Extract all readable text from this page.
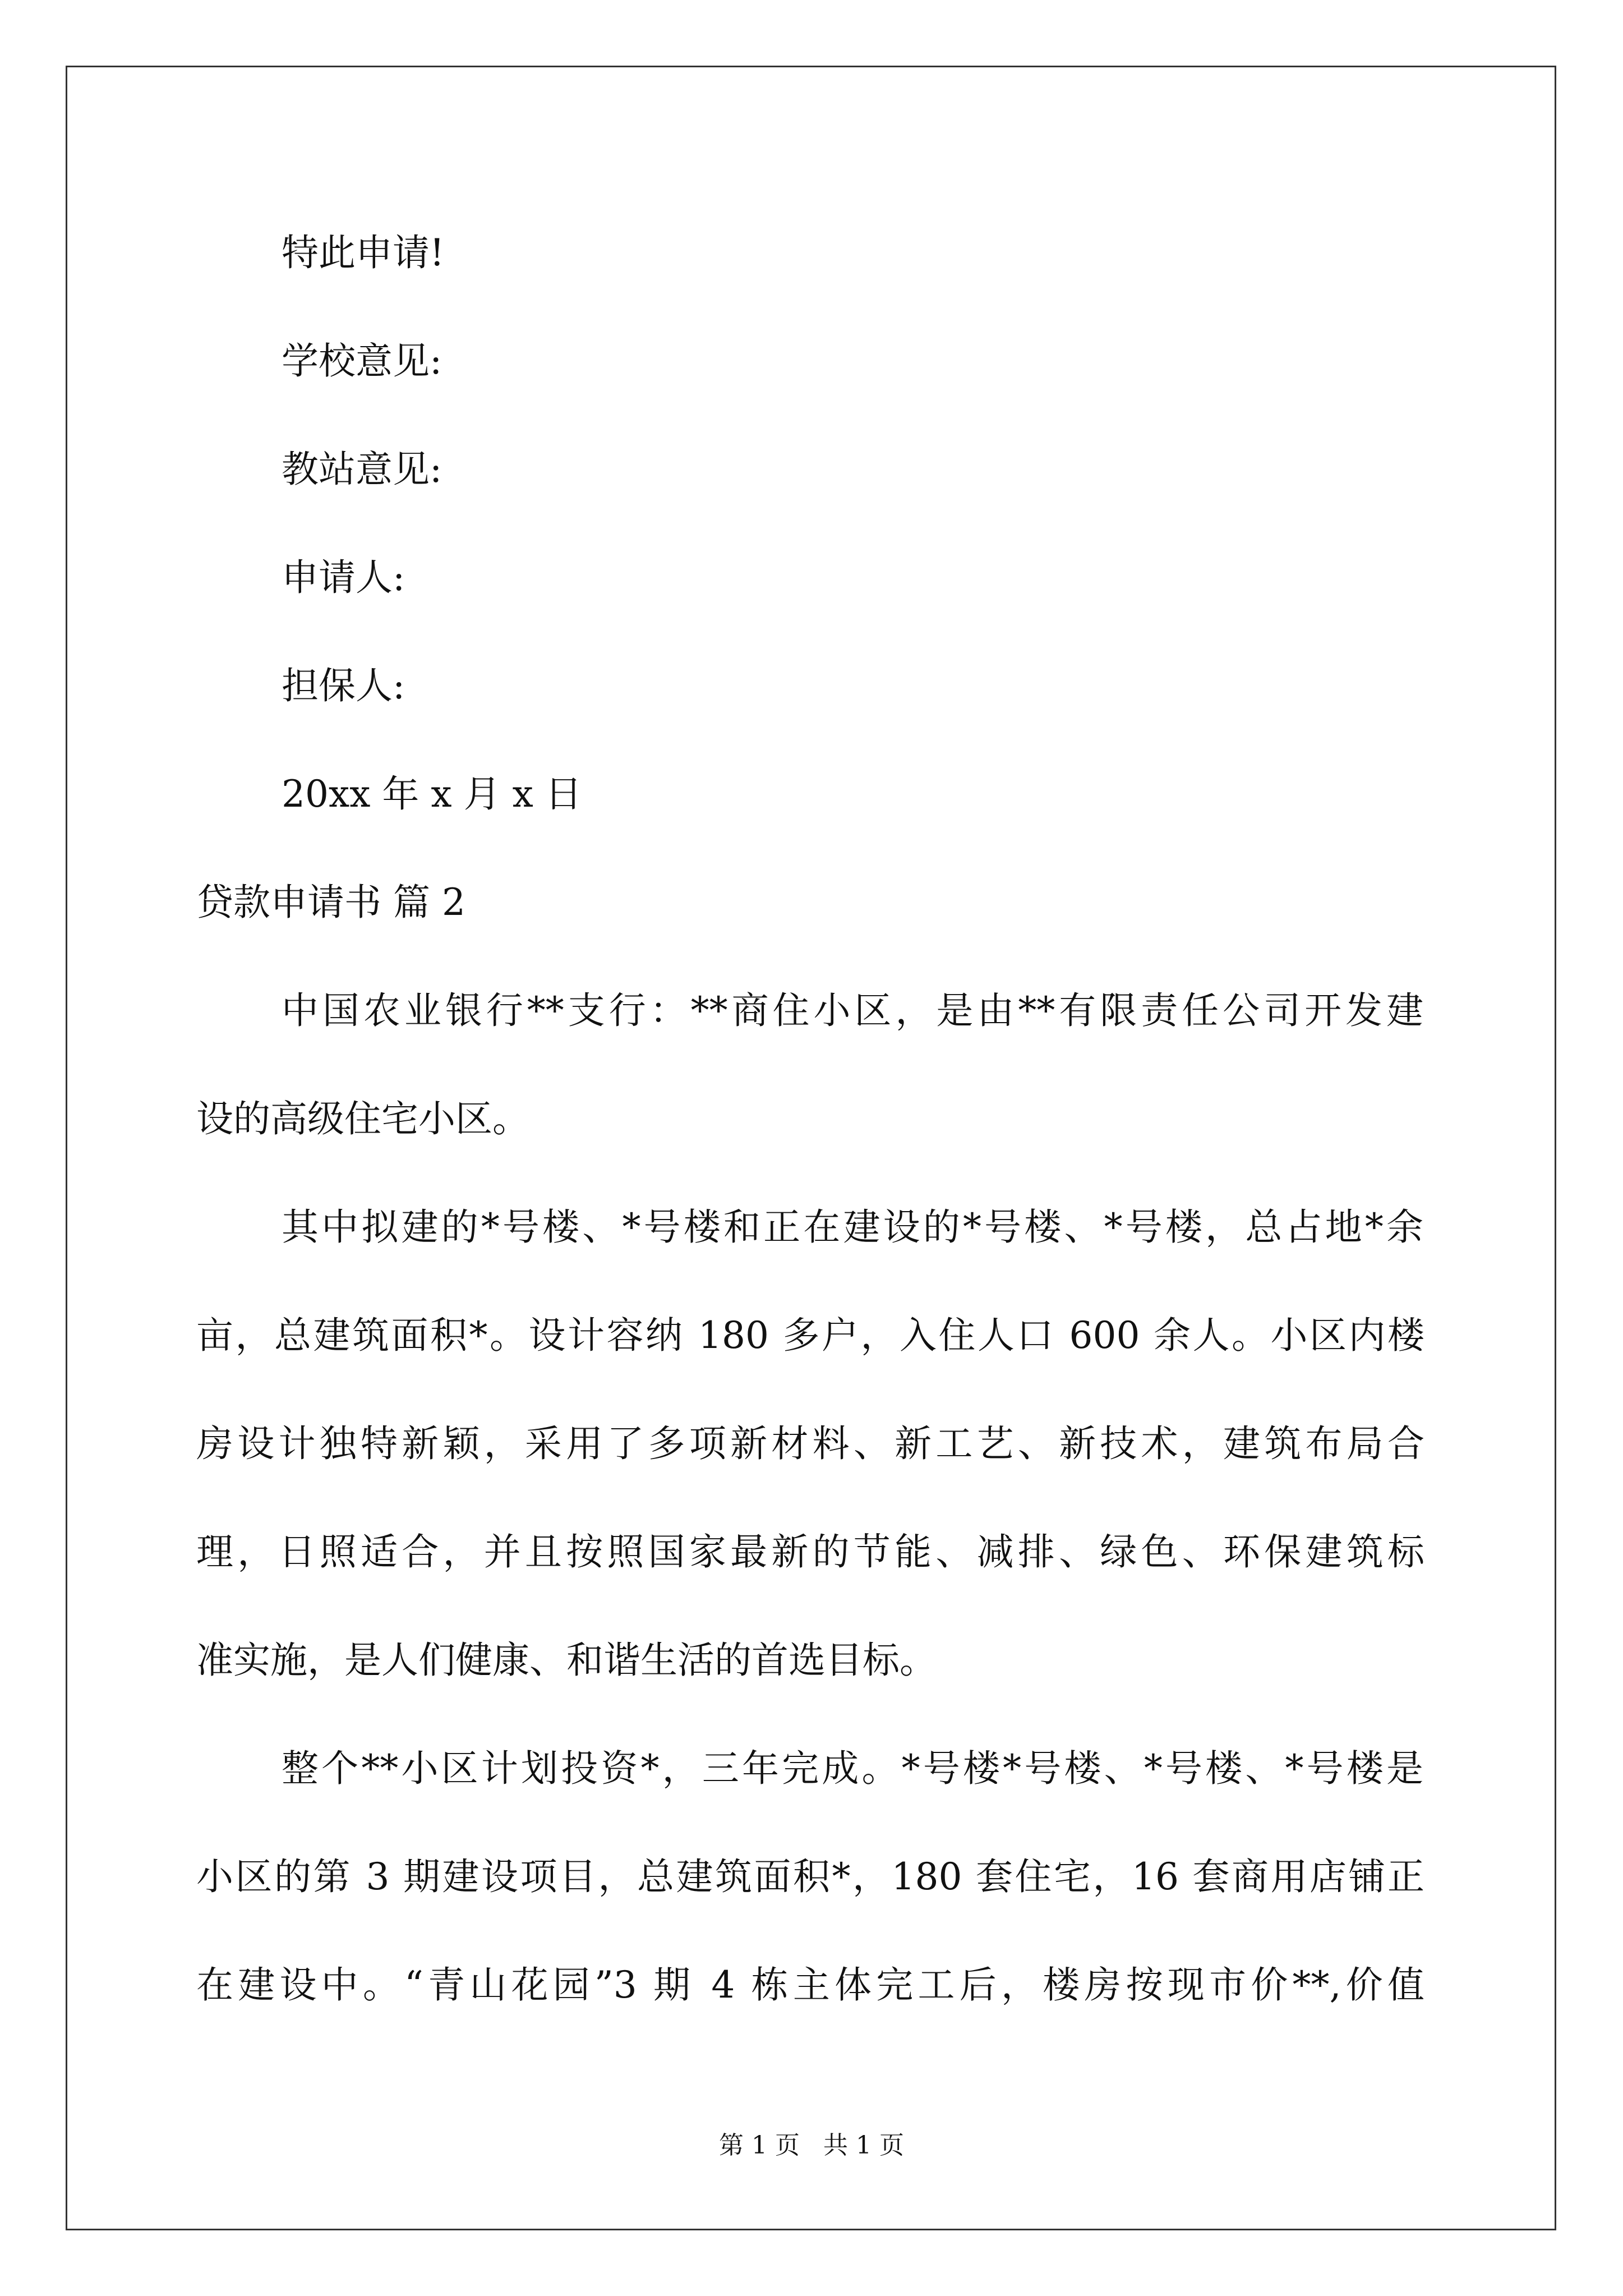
特此申请!
学校意见:
教站意见:
申请人:
担保人:
20xx 年 x 月 x 日
贷款申请书 篇 2
中国农业银行**支行：**商住小区，是由**有限责任公司开发建
设的高级住宅小区。
其中拟建的*号楼、*号楼和正在建设的*号楼、*号楼，总占地*余
亩，总建筑面积*。设计容纳 180 多户，入住人口 600 余人。小区内楼
房设计独特新颖，采用了多项新材料、新工艺、新技术，建筑布局合
理，日照适合，并且按照国家最新的节能、减排、绿色、环保建筑标
准实施，是人们健康、和谐生活的首选目标。
整个**小区计划投资*，三年完成。*号楼*号楼、*号楼、*号楼是
小区的第 3 期建设项目，总建筑面积*，180 套住宅，16 套商用店铺正
在建设中。“青山花园”3 期 4 栋主体完工后，楼房按现市价**,价值
第 1 页   共 1 页
